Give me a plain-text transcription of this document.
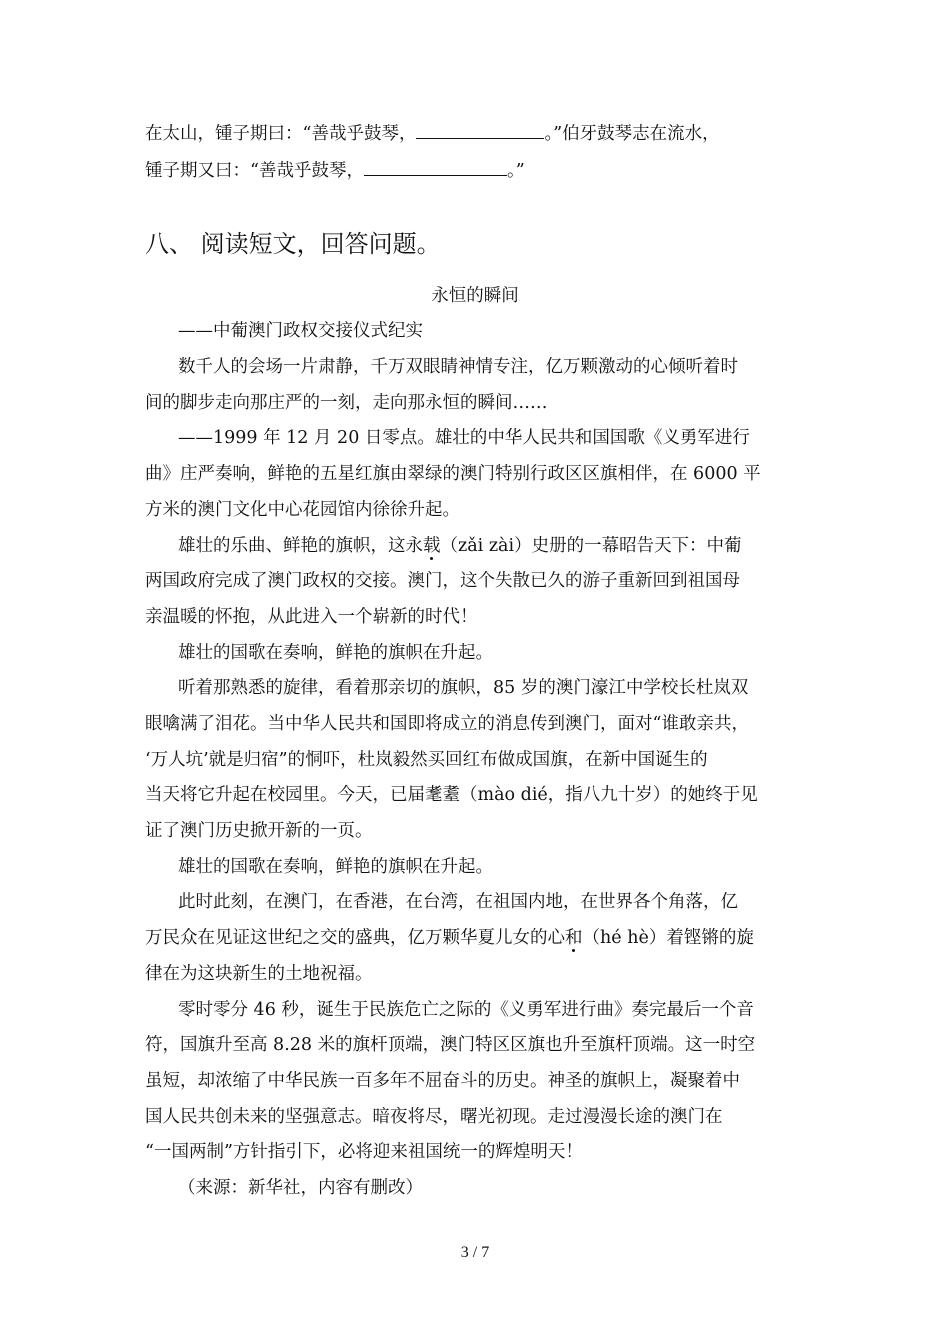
在太山，锺子期曰：“善哉乎鼓琴，	。”伯牙鼓琴志在流水，
锺子期又曰：“善哉乎鼓琴，	。”
八、 阅读短文，回答问题。
永恒的瞬间
——中葡澳门政权交接仪式纪实
数千人的会场一片肃静，千万双眼睛神情专注，亿万颗激动的心倾听着时
间的脚步走向那庄严的一刻，走向那永恒的瞬间……
——1999 年 12 月 20 日零点。雄壮的中华人民共和国国歌《义勇军进行
曲》庄严奏响，鲜艳的五星红旗由翠绿的澳门特别行政区区旗相伴，在 6000 平
方米的澳门文化中心花园馆内徐徐升起。
雄壮的乐曲、鲜艳的旗帜，这永载（zǎi zài）史册的一幕昭告天下：中葡
两国政府完成了澳门政权的交接。澳门，这个失散已久的游子重新回到祖国母
亲温暖的怀抱，从此进入一个崭新的时代！
雄壮的国歌在奏响，鲜艳的旗帜在升起。
听着那熟悉的旋律，看着那亲切的旗帜，85 岁的澳门濠江中学校长杜岚双
眼噙满了泪花。当中华人民共和国即将成立的消息传到澳门，面对“谁敢亲共，
‘万人坑’就是归宿”的恫吓，杜岚毅然买回红布做成国旗，在新中国诞生的
当天将它升起在校园里。今天，已届耄耋（mào dié，指八九十岁）的她终于见
证了澳门历史掀开新的一页。
雄壮的国歌在奏响，鲜艳的旗帜在升起。
此时此刻，在澳门，在香港，在台湾，在祖国内地，在世界各个角落，亿
万民众在见证这世纪之交的盛典，亿万颗华夏儿女的心和（hé hè）着铿锵的旋
律在为这块新生的土地祝福。
零时零分 46 秒，诞生于民族危亡之际的《义勇军进行曲》奏完最后一个音
符，国旗升至高 8.28 米的旗杆顶端，澳门特区区旗也升至旗杆顶端。这一时空
虽短，却浓缩了中华民族一百多年不屈奋斗的历史。神圣的旗帜上，凝聚着中
国人民共创未来的坚强意志。暗夜将尽，曙光初现。走过漫漫长途的澳门在
“一国两制”方针指引下，必将迎来祖国统一的辉煌明天！
（来源：新华社，内容有删改）
3 / 7
